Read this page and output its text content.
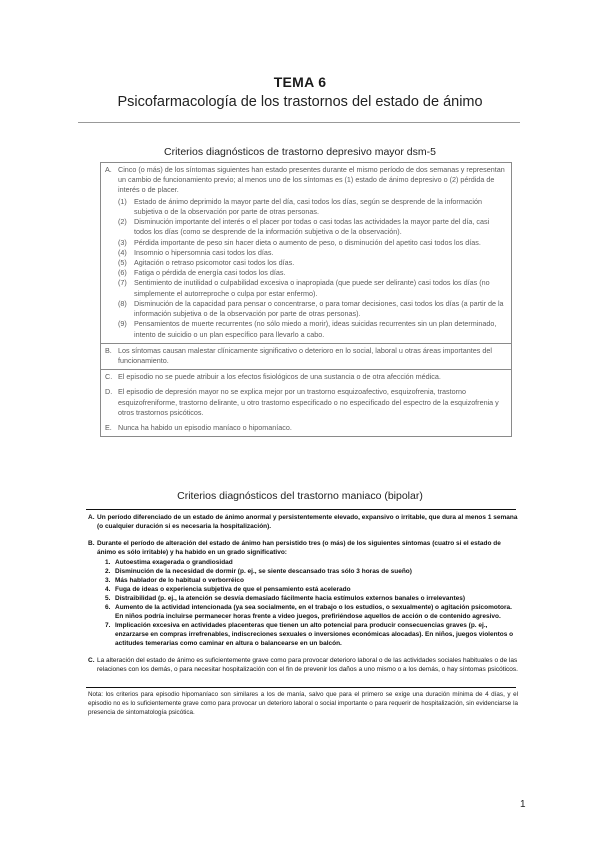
TEMA 6
Psicofarmacología de los trastornos del estado de ánimo
Criterios diagnósticos de trastorno depresivo mayor dsm-5
A. Cinco (o más) de los síntomas siguientes han estado presentes durante el mismo período de dos semanas y representan un cambio de funcionamiento previo; al menos uno de los síntomas es (1) estado de ánimo depresivo o (2) pérdida de interés o de placer.
(1)	Estado de ánimo deprimido la mayor parte del día, casi todos los días, según se desprende de la información subjetiva o de la observación por parte de otras personas.
(2)	Disminución importante del interés o el placer por todas o casi todas las actividades la mayor parte del día, casi todos los días (como se desprende de la información subjetiva o de la observación).
(3)	Pérdida importante de peso sin hacer dieta o aumento de peso, o disminución del apetito casi todos los días.
(4)	Insomnio o hipersomnia casi todos los días.
(5)	Agitación o retraso psicomotor casi todos los días.
(6)	Fatiga o pérdida de energía casi todos los días.
(7)	Sentimiento de inutilidad o culpabilidad excesiva o inapropiada (que puede ser delirante) casi todos los días (no simplemente el autorreproche o culpa por estar enfermo).
(8)	Disminución de la capacidad para pensar o concentrarse, o para tomar decisiones, casi todos los días (a partir de la información subjetiva o de la observación por parte de otras personas).
(9)	Pensamientos de muerte recurrentes (no sólo miedo a morir), ideas suicidas recurrentes sin un plan determinado, intento de suicidio o un plan específico para llevarlo a cabo.
B. Los síntomas causan malestar clínicamente significativo o deterioro en lo social, laboral u otras áreas importantes del funcionamiento.
C. El episodio no se puede atribuir a los efectos fisiológicos de una sustancia o de otra afección médica.
D. El episodio de depresión mayor no se explica mejor por un trastorno esquizoafectivo, esquizofrenia, trastorno esquizofreniforme, trastorno delirante, u otro trastorno especificado o no especificado del espectro de la esquizofrenia y otros trastornos psicóticos.
E. Nunca ha habido un episodio maníaco o hipomaníaco.
Criterios diagnósticos del trastorno maniaco (bipolar)
A. Un período diferenciado de un estado de ánimo anormal y persistentemente elevado, expansivo o irritable, que dura al menos 1 semana (o cualquier duración si es necesaria la hospitalización).
B. Durante el período de alteración del estado de ánimo han persistido tres (o más) de los siguientes síntomas (cuatro si el estado de ánimo es sólo irritable) y ha habido en un grado significativo:
1. Autoestima exagerada o grandiosidad
2. Disminución de la necesidad de dormir (p. ej., se siente descansado tras sólo 3 horas de sueño)
3. Más hablador de lo habitual o verborréico
4. Fuga de ideas o experiencia subjetiva de que el pensamiento está acelerado
5. Distraibilidad (p. ej., la atención se desvía demasiado fácilmente hacia estímulos externos banales o irrelevantes)
6. Aumento de la actividad intencionada (ya sea socialmente, en el trabajo o los estudios, o sexualmente) o agitación psicomotora. En niños podría incluirse permanecer horas frente a video juegos, prefiriéndose aquellos de acción o de contenido agresivo.
7. Implicación excesiva en actividades placenteras que tienen un alto potencial para producir consecuencias graves (p. ej., enzarzarse en compras irrefrenables, indiscreciones sexuales o inversiones económicas alocadas). En niños, juegos violentos o actitudes temerarias como caminar en altura o balancearse en un balcón.
C. La alteración del estado de ánimo es suficientemente grave como para provocar deterioro laboral o de las actividades sociales habituales o de las relaciones con los demás, o para necesitar hospitalización con el fin de prevenir los daños a uno mismo o a los demás, o hay síntomas psicóticos.
Nota: los criterios para episodio hipomaníaco son similares a los de manía, salvo que para el primero se exige una duración mínima de 4 días, y el episodio no es lo suficientemente grave como para provocar un deterioro laboral o social importante o para requerir de hospitalización, sin evidenciarse la presencia de sintomatología psicótica.
1
